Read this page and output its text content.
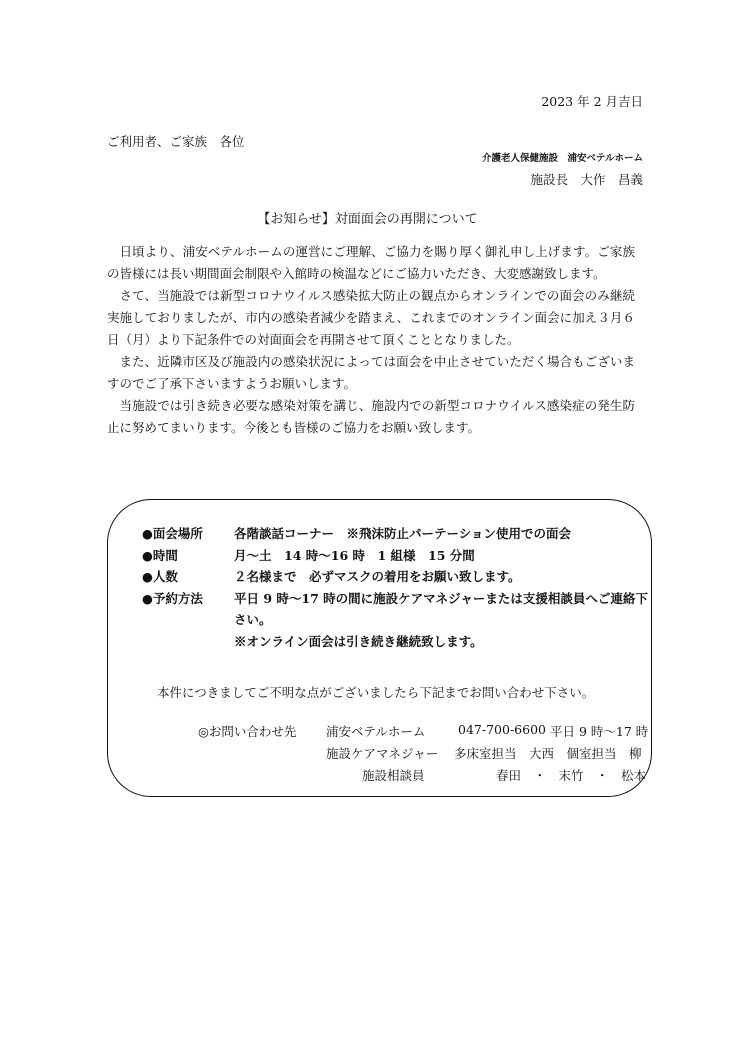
2023 年 2 月吉日
ご利用者、ご家族　各位
介護老人保健施設　浦安ベテルホーム
施設長　大作　昌義
【お知らせ】対面面会の再開について

日頃より、浦安ベテルホームの運営にご理解、ご協力を賜り厚く御礼申し上げます。ご家族の皆様には長い期間面会制限や入館時の検温などにご協力いただき、大変感謝致します。

さて、当施設では新型コロナウイルス感染拡大防止の観点からオンラインでの面会のみ継続実施しておりましたが、市内の感染者減少を踏まえ、これまでのオンライン面会に加え３月６日（月）より下記条件での対面面会を再開させて頂くこととなりました。

また、近隣市区及び施設内の感染状況によっては面会を中止させていただく場合もございますのでご了承下さいますようお願いします。

当施設では引き続き必要な感染対策を講じ、施設内での新型コロナウイルス感染症の発生防止に努めてまいります。今後とも皆様のご協力をお願い致します。

●面会場所	各階談話コーナー　※飛沫防止パーテーション使用での面会
●時間	月～土　14 時～16 時　1 組様　15 分間
●人数	２名様まで　必ずマスクの着用をお願い致します。
●予約方法	平日 9 時～17 時の間に施設ケアマネジャーまたは支援相談員へご連絡下さい。
※オンライン面会は引き続き継続致します。
本件につきましてご不明な点がございましたら下記までお問い合わせ下さい。
◎お問い合わせ先 浦安ベテルホーム	047-700-6600 平日 9 時～17 時
施設ケアマネジャー 多床室担当　大西　個室担当　柳
施設相談員	春田　・　末竹　・　松本
